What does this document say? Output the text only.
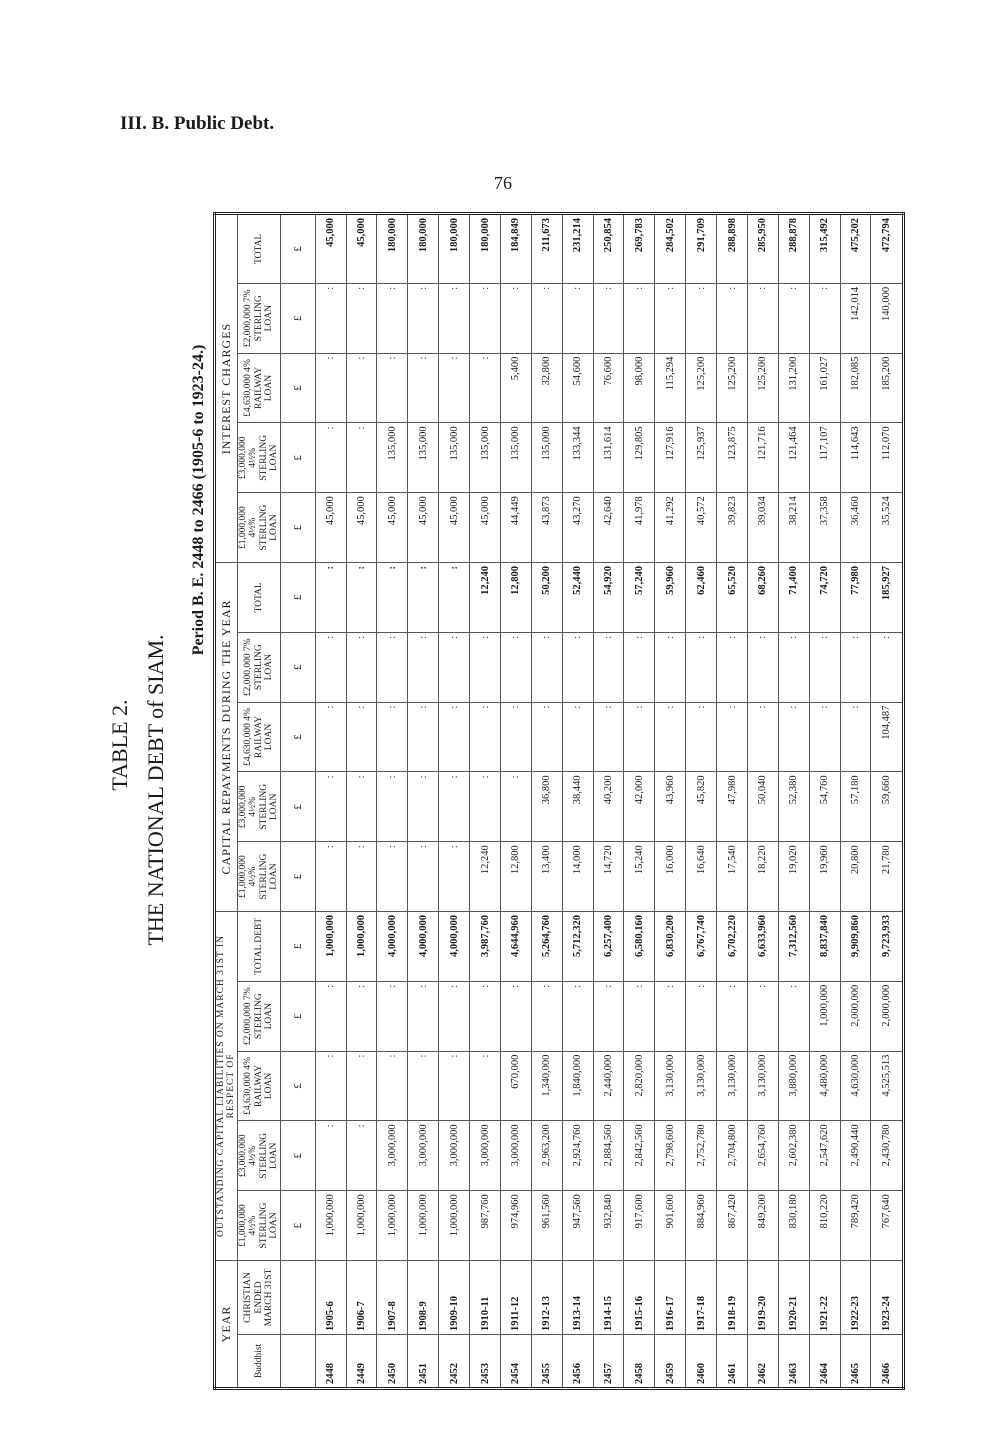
III. B. Public Debt.
76
TABLE 2. THE NATIONAL DEBT of SIAM.
Period B. E. 2448 to 2466 (1905-6 to 1923-24.)
YEAR		OUTSTANDING CAPITAL LIABILITIES ON MARCH 31ST IN RESPECT OF					CAPITAL REPAYMENTS DURING THE YEAR					INTEREST CHARGES				
Buddhist	CHRISTIAN ENDED MARCH 31ST	£1,000,000 4½% STERLING LOAN	£3,000,000 4½% STERLING LOAN	£4,630,000 4% RAILWAY LOAN	£2,000,000 7% STERLING LOAN	TOTAL DEBT	£1,000,000 4½% STERLING LOAN	£3,000,000 4½% STERLING LOAN	£4,630,000 4% RAILWAY LOAN	£2,000,000 7% STERLING LOAN	TOTAL	£1,000,000 4½% STERLING LOAN	£3,000,000 4½% STERLING LOAN	£4,630,000 4% RAILWAY LOAN	£2,000,000 7% STERLING LOAN	TOTAL
		£	£	£	£	£	£	£	£	£	£	£	£	£	£	£
2448	1905-6	1,000,000	:	:	:	1,000,000	:	:	:	:	:	45,000	:	:	:	45,000
2449	1906-7	1,000,000	:	:	:	1,000,000	:	:	:	:	:	45,000	:	:	:	45,000
2450	1907-8	1,000,000	3,000,000	:	:	4,000,000	:	:	:	:	:	45,000	135,000	:	:	180,000
2451	1908-9	1,000,000	3,000,000	:	:	4,000,000	:	:	:	:	:	45,000	135,000	:	:	180,000
2452	1909-10	1,000,000	3,000,000	:	:	4,000,000	:	:	:	:	:	45,000	135,000	:	:	180,000
2453	1910-11	987,760	3,000,000	:	:	3,987,760	12,240	:	:	:	12,240	45,000	135,000	:	:	180,000
2454	1911-12	974,960	3,000,000	670,000	:	4,644,960	12,800	:	:	:	12,800	44,449	135,000	5,400	:	184,849
2455	1912-13	961,560	2,963,200	1,340,000	:	5,264,760	13,400	36,800	:	:	50,200	43,873	135,000	32,800	:	211,673
2456	1913-14	947,560	2,924,760	1,840,000	:	5,712,320	14,000	38,440	:	:	52,440	43,270	133,344	54,600	:	231,214
2457	1914-15	932,840	2,884,560	2,440,000	:	6,257,400	14,720	40,200	:	:	54,920	42,640	131,614	76,600	:	250,854
2458	1915-16	917,600	2,842,560	2,820,000	:	6,580,160	15,240	42,000	:	:	57,240	41,978	129,805	98,000	:	269,783
2459	1916-17	901,600	2,798,600	3,130,000	:	6,830,200	16,000	43,960	:	:	59,960	41,292	127,916	115,294	:	284,502
2460	1917-18	884,960	2,752,780	3,130,000	:	6,767,740	16,640	45,820	:	:	62,460	40,572	125,937	125,200	:	291,709
2461	1918-19	867,420	2,704,800	3,130,000	:	6,702,220	17,540	47,980	:	:	65,520	39,823	123,875	125,200	:	288,898
2462	1919-20	849,200	2,654,760	3,130,000	:	6,633,960	18,220	50,040	:	:	68,260	39,034	121,716	125,200	:	285,950
2463	1920-21	830,180	2,602,380	3,880,000	:	7,312,560	19,020	52,380	:	:	71,400	38,214	121,464	131,200	:	288,878
2464	1921-22	810,220	2,547,620	4,480,000	1,000,000	8,837,840	19,960	54,760	:	:	74,720	37,358	117,107	161,027	:	315,492
2465	1922-23	789,420	2,490,440	4,630,000	2,000,000	9,909,860	20,800	57,180	:	:	77,980	36,460	114,643	182,085	142,014	475,202
2466	1923-24	767,640	2,430,780	4,525,513	2,000,000	9,723,933	21,780	59,660	104,487	:	185,927	35,524	112,070	185,200	140,000	472,794
